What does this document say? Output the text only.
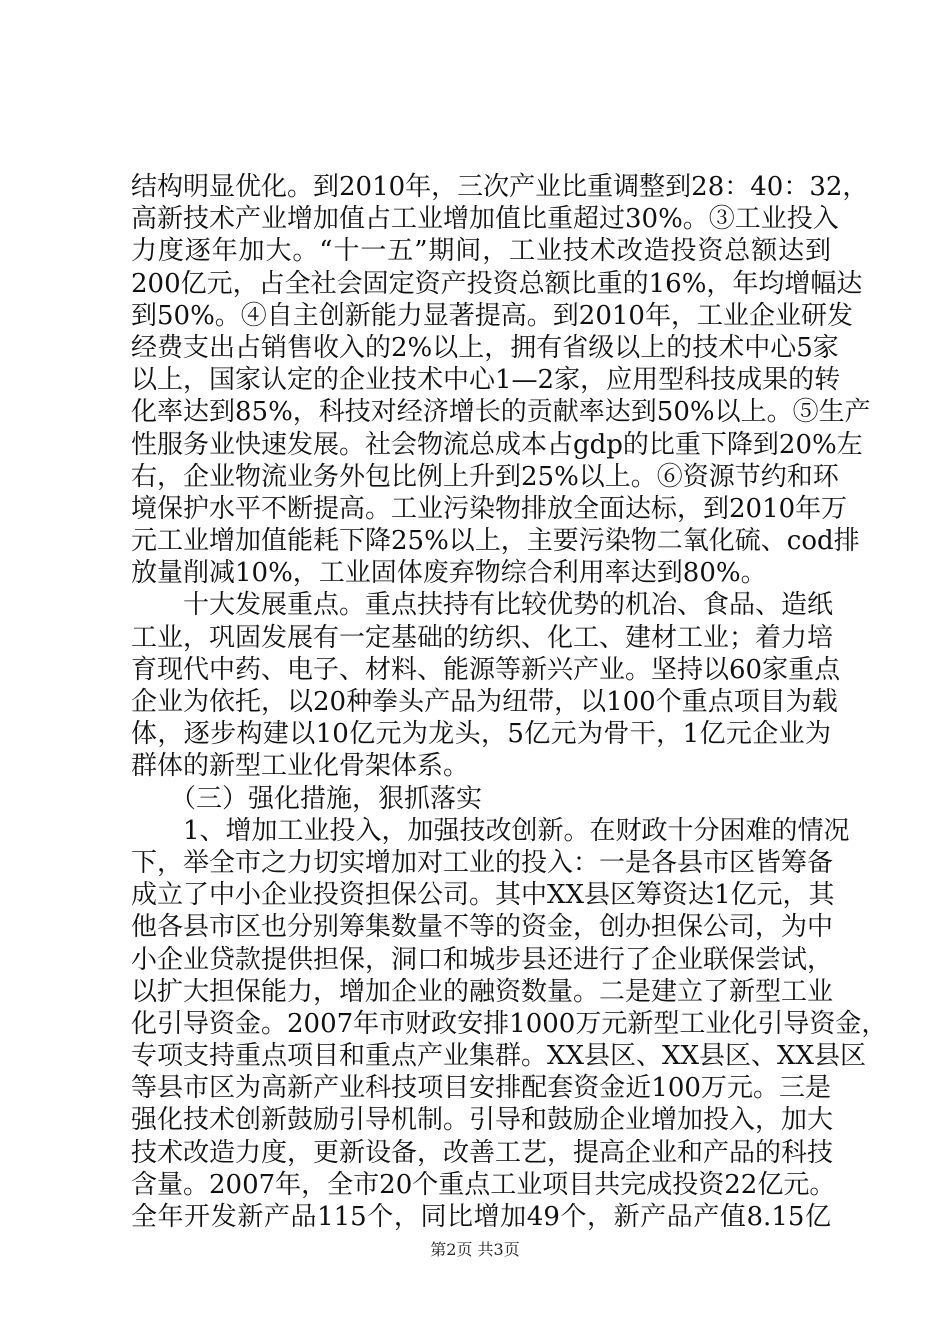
结构明显优化。到2010年，三次产业比重调整到28：40：32，
高新技术产业增加值占工业增加值比重超过30%。③工业投入
力度逐年加大。“十一五”期间，工业技术改造投资总额达到
200亿元，占全社会固定资产投资总额比重的16%，年均增幅达
到50%。④自主创新能力显著提高。到2010年，工业企业研发
经费支出占销售收入的2%以上，拥有省级以上的技术中心5家
以上，国家认定的企业技术中心1—2家，应用型科技成果的转
化率达到85%，科技对经济增长的贡献率达到50%以上。⑤生产
性服务业快速发展。社会物流总成本占gdp的比重下降到20%左
右，企业物流业务外包比例上升到25%以上。⑥资源节约和环
境保护水平不断提高。工业污染物排放全面达标，到2010年万
元工业增加值能耗下降25%以上，主要污染物二氧化硫、cod排
放量削减10%，工业固体废弃物综合利用率达到80%。
　　十大发展重点。重点扶持有比较优势的机冶、食品、造纸
工业，巩固发展有一定基础的纺织、化工、建材工业；着力培
育现代中药、电子、材料、能源等新兴产业。坚持以60家重点
企业为依托，以20种拳头产品为纽带，以100个重点项目为载
体，逐步构建以10亿元为龙头，5亿元为骨干，1亿元企业为
群体的新型工业化骨架体系。
　　（三）强化措施，狠抓落实
　　1、增加工业投入，加强技改创新。在财政十分困难的情况
下，举全市之力切实增加对工业的投入：一是各县市区皆筹备
成立了中小企业投资担保公司。其中XX县区筹资达1亿元，其
他各县市区也分别筹集数量不等的资金，创办担保公司，为中
小企业贷款提供担保，洞口和城步县还进行了企业联保尝试，
以扩大担保能力，增加企业的融资数量。二是建立了新型工业
化引导资金。2007年市财政安排1000万元新型工业化引导资金，
专项支持重点项目和重点产业集群。XX县区、XX县区、XX县区
等县市区为高新产业科技项目安排配套资金近100万元。三是
强化技术创新鼓励引导机制。引导和鼓励企业增加投入，加大
技术改造力度，更新设备，改善工艺，提高企业和产品的科技
含量。2007年，全市20个重点工业项目共完成投资22亿元。
全年开发新产品115个，同比增加49个，新产品产值8.15亿
第2页 共3页
